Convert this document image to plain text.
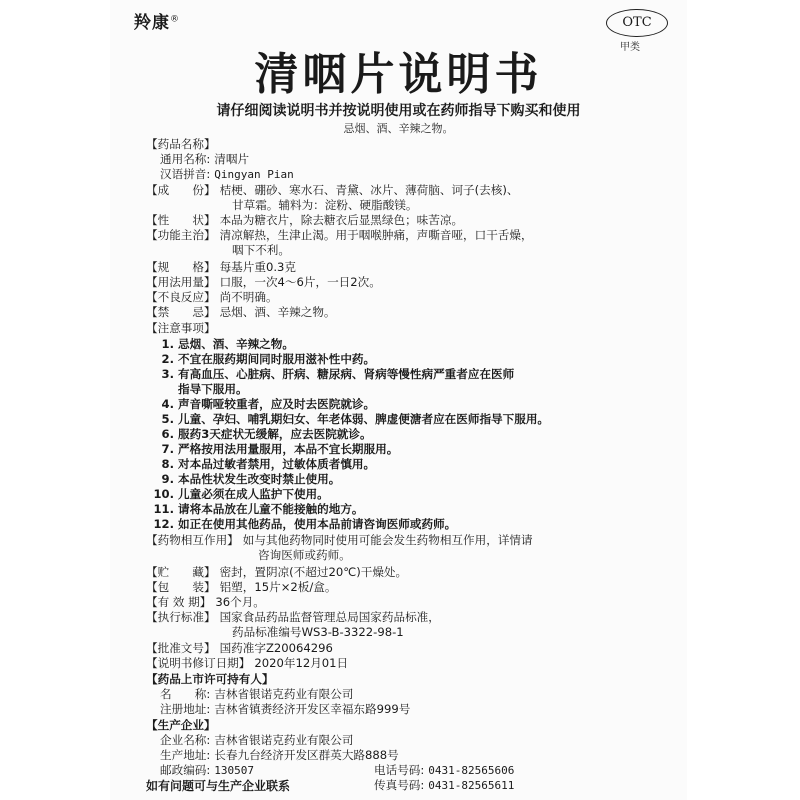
羚康®	OTC
甲类
清咽片说明书
请仔细阅读说明书并按说明使用或在药师指导下购买和使用
忌烟、酒、辛辣之物。
【药品名称】
通用名称: 清咽片
汉语拼音: Qingyan Pian
【成　　份】 桔梗、硼砂、寒水石、青黛、冰片、薄荷脑、诃子(去核)、
甘草霜。辅料为：淀粉、硬脂酸镁。
【性　　状】 本品为糖衣片，除去糖衣后显黑绿色；味苦凉。
【功能主治】 清凉解热，生津止渴。用于咽喉肿痛，声嘶音哑，口干舌燥，
咽下不利。
【规　　格】 每基片重0.3克
【用法用量】 口服，一次4～6片，一日2次。
【不良反应】 尚不明确。
【禁　　忌】 忌烟、酒、辛辣之物。
【注意事项】
1. 忌烟、酒、辛辣之物。
2. 不宜在服药期间同时服用滋补性中药。
3. 有高血压、心脏病、肝病、糖尿病、肾病等慢性病严重者应在医师
指导下服用。
4. 声音嘶哑较重者，应及时去医院就诊。
5. 儿童、孕妇、哺乳期妇女、年老体弱、脾虚便溏者应在医师指导下服用。
6. 服药3天症状无缓解，应去医院就诊。
7. 严格按用法用量服用，本品不宜长期服用。
8. 对本品过敏者禁用，过敏体质者慎用。
9. 本品性状发生改变时禁止使用。
10. 儿童必须在成人监护下使用。
11. 请将本品放在儿童不能接触的地方。
12. 如正在使用其他药品，使用本品前请咨询医师或药师。
【药物相互作用】 如与其他药物同时使用可能会发生药物相互作用，详情请
咨询医师或药师。
【贮　　藏】 密封，置阴凉(不超过20℃)干燥处。
【包　　装】 铝塑，15片×2板/盒。
【有 效 期】 36个月。
【执行标准】 国家食品药品监督管理总局国家药品标准，
药品标准编号WS3-B-3322-98-1
【批准文号】 国药准字Z20064296
【说明书修订日期】 2020年12月01日
【药品上市许可持有人】
名　　称: 吉林省银诺克药业有限公司
注册地址: 吉林省镇赉经济开发区幸福东路999号
【生产企业】
企业名称: 吉林省银诺克药业有限公司
生产地址: 长春九台经济开发区群英大路888号
邮政编码: 130507	电话号码: 0431-82565606
传真号码: 0431-82565611
如有问题可与生产企业联系
